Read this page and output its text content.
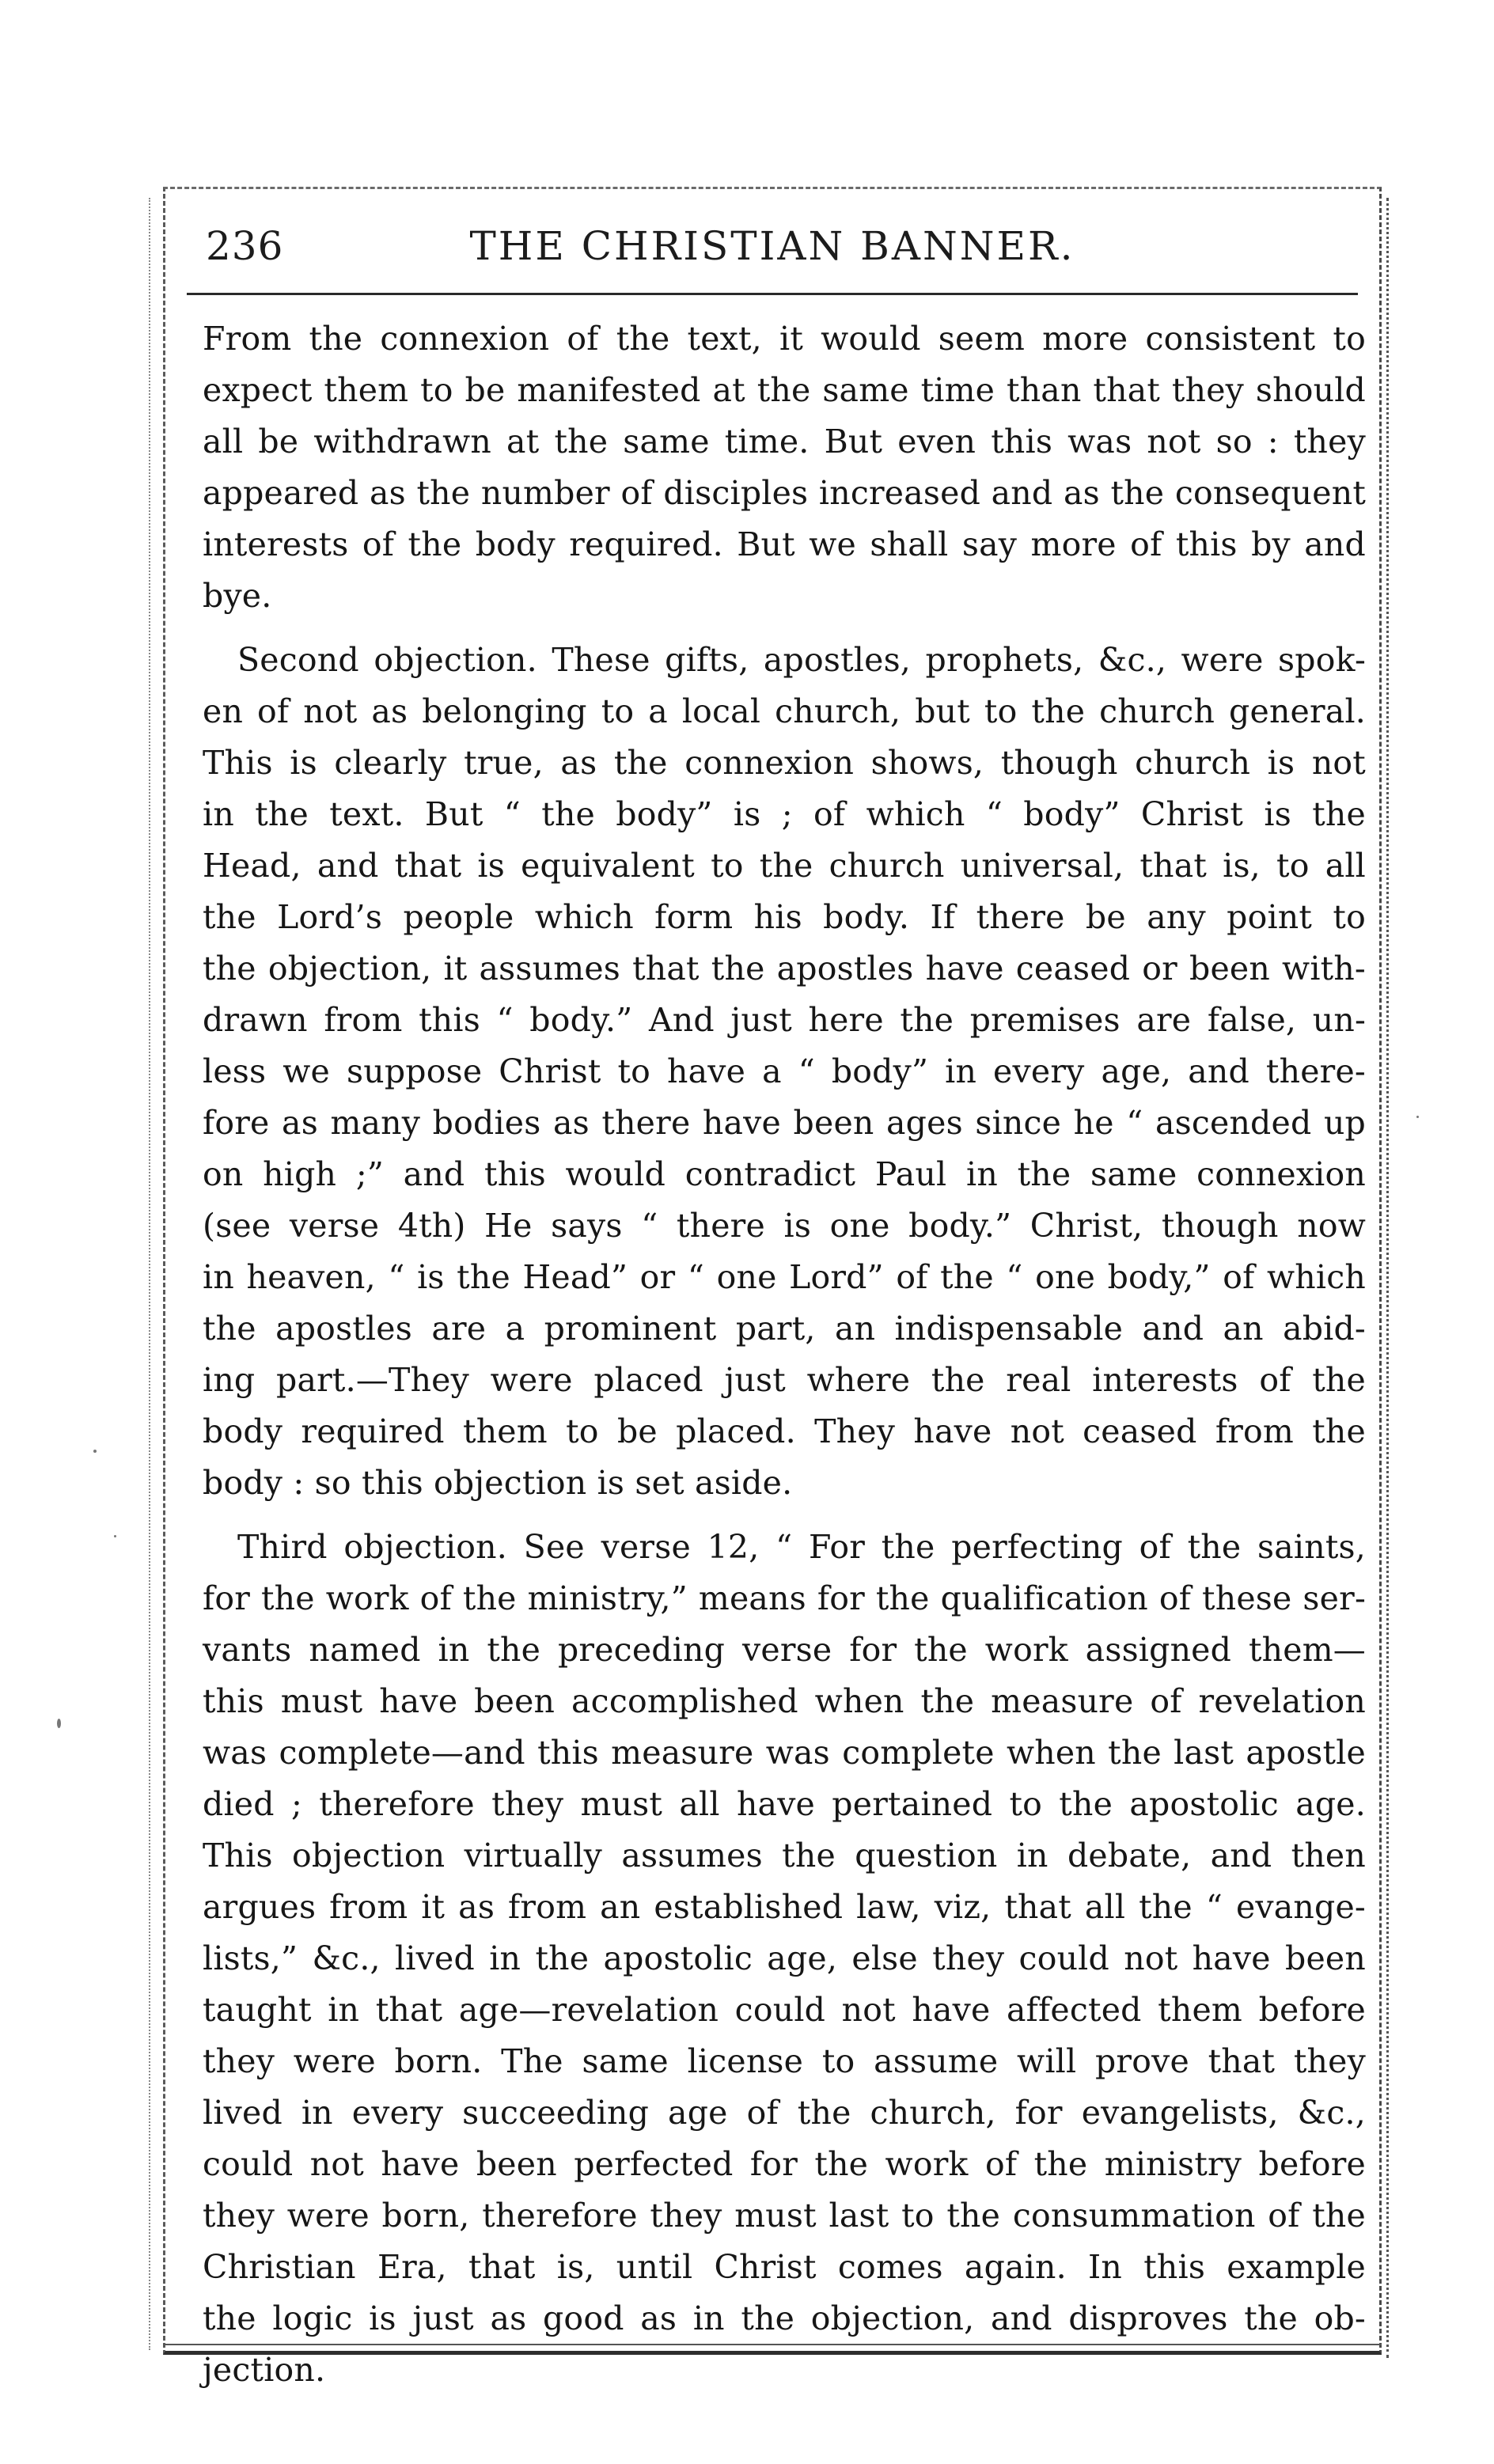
236	THE CHRISTIAN BANNER.
From the connexion of the text, it would seem more consistent to
expect them to be manifested at the same time than that they should
all be withdrawn at the same time. But even this was not so : they
appeared as the number of disciples increased and as the consequent
interests of the body required. But we shall say more of this by and
bye.
Second objection. These gifts, apostles, prophets, &c., were spok-
en of not as belonging to a local church, but to the church general.
This is clearly true, as the connexion shows, though church is not
in the text. But “ the body” is ; of which “ body” Christ is the
Head, and that is equivalent to the church universal, that is, to all
the Lord’s people which form his body. If there be any point to
the objection, it assumes that the apostles have ceased or been with-
drawn from this “ body.” And just here the premises are false, un-
less we suppose Christ to have a “ body” in every age, and there-
fore as many bodies as there have been ages since he “ ascended up
on high ;” and this would contradict Paul in the same connexion
(see verse 4th) He says “ there is one body.” Christ, though now
in heaven, “ is the Head” or “ one Lord” of the “ one body,” of which
the apostles are a prominent part, an indispensable and an abid-
ing part.—They were placed just where the real interests of the
body required them to be placed. They have not ceased from the
body : so this objection is set aside.
Third objection. See verse 12, “ For the perfecting of the saints,
for the work of the ministry,” means for the qualification of these ser-
vants named in the preceding verse for the work assigned them—
this must have been accomplished when the measure of revelation
was complete—and this measure was complete when the last apostle
died ; therefore they must all have pertained to the apostolic age.
This objection virtually assumes the question in debate, and then
argues from it as from an established law, viz, that all the “ evange-
lists,” &c., lived in the apostolic age, else they could not have been
taught in that age—revelation could not have affected them before
they were born. The same license to assume will prove that they
lived in every succeeding age of the church, for evangelists, &c.,
could not have been perfected for the work of the ministry before
they were born, therefore they must last to the consummation of the
Christian Era, that is, until Christ comes again. In this example
the logic is just as good as in the objection, and disproves the ob-
jection.
